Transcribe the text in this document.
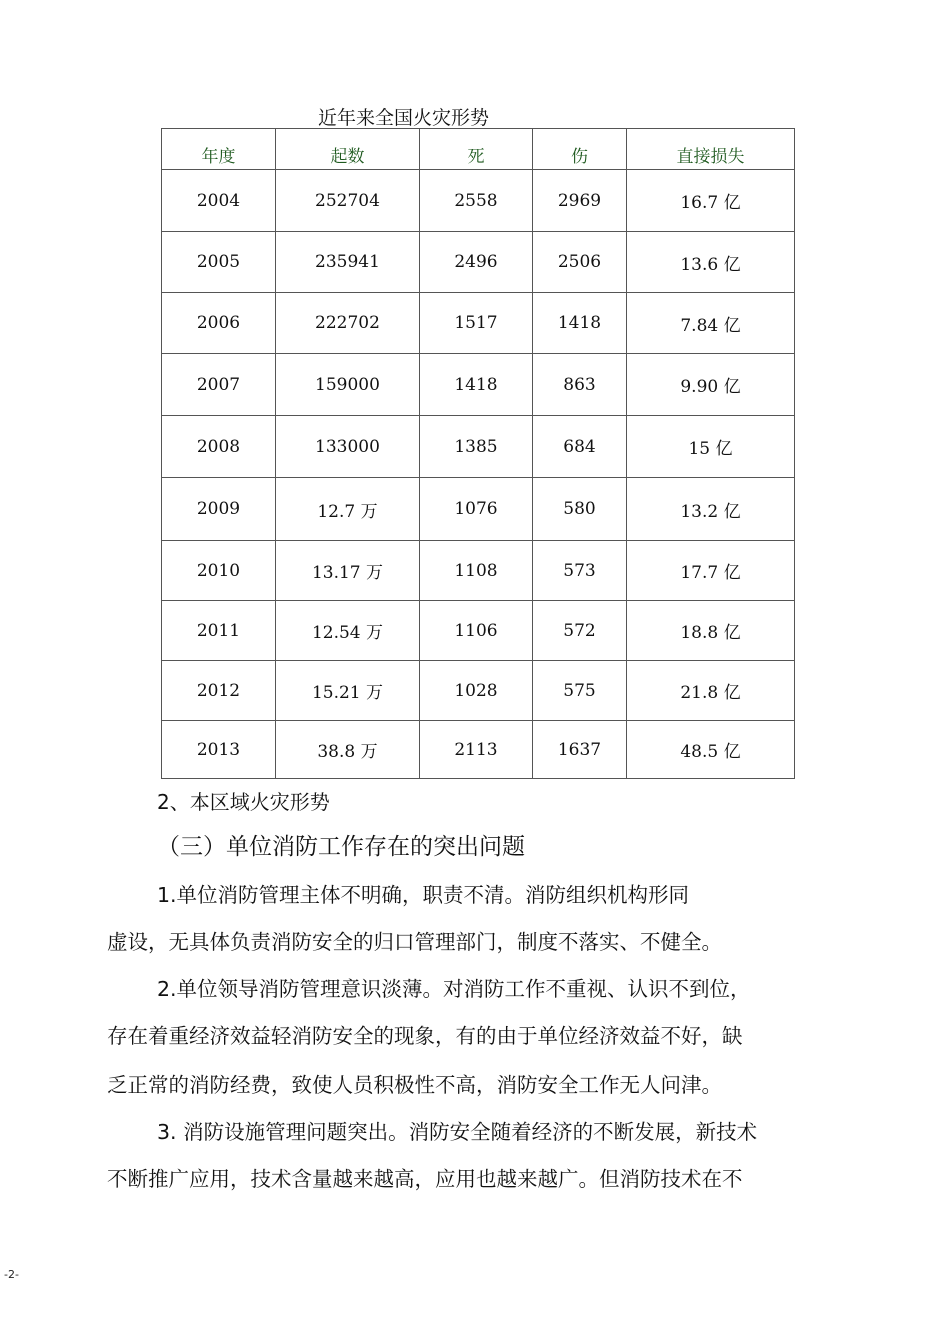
近年来全国火灾形势
年度	起数	死	伤	直接损失
2004	252704	2558	2969	16.7 亿
2005	235941	2496	2506	13.6 亿
2006	222702	1517	1418	7.84 亿
2007	159000	1418	863	9.90 亿
2008	133000	1385	684	15 亿
2009	12.7 万	1076	580	13.2 亿
2010	13.17 万	1108	573	17.7 亿
2011	12.54 万	1106	572	18.8 亿
2012	15.21 万	1028	575	21.8 亿
2013	38.8 万	2113	1637	48.5 亿
2、本区域火灾形势
（三）单位消防工作存在的突出问题
1.单位消防管理主体不明确，职责不清。消防组织机构形同
虚设，无具体负责消防安全的归口管理部门，制度不落实、不健全。
2.单位领导消防管理意识淡薄。对消防工作不重视、认识不到位，
存在着重经济效益轻消防安全的现象，有的由于单位经济效益不好，缺
乏正常的消防经费，致使人员积极性不高，消防安全工作无人问津。
3. 消防设施管理问题突出。消防安全随着经济的不断发展，新技术
不断推广应用，技术含量越来越高，应用也越来越广。但消防技术在不
-2-
